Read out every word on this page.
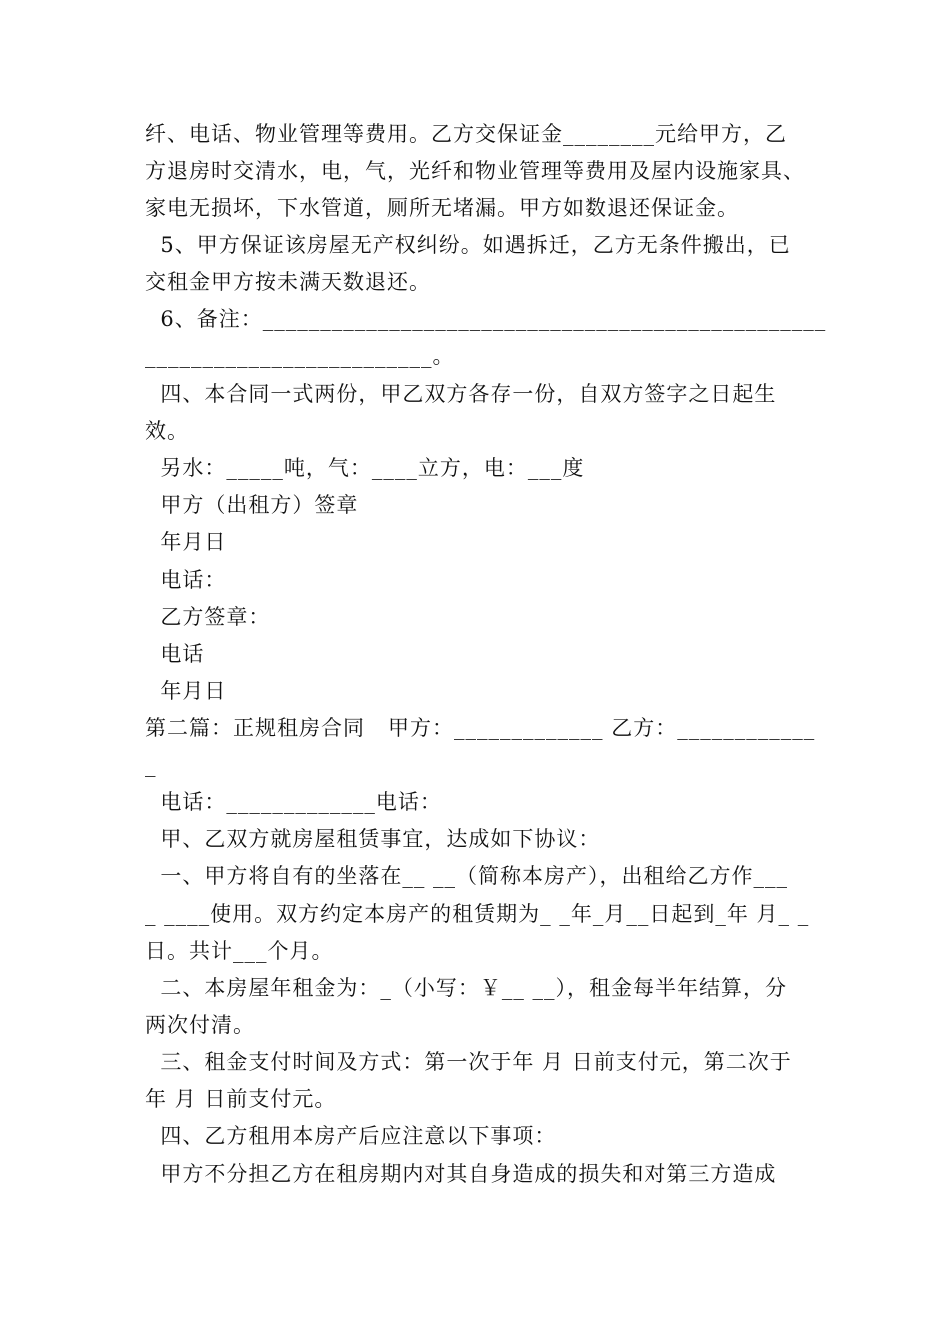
纤、电话、物业管理等费用。乙方交保证金________元给甲方，乙
方退房时交清水，电，气，光纤和物业管理等费用及屋内设施家具、
家电无损坏，下水管道，厕所无堵漏。甲方如数退还保证金。
5、甲方保证该房屋无产权纠纷。如遇拆迁，乙方无条件搬出，已
交租金甲方按未满天数退还。
6、备注：_________________________________________________
_________________________。
四、本合同一式两份，甲乙双方各存一份，自双方签字之日起生
效。
另水：_____吨，气：____立方，电：___度
甲方（出租方）签章
年月日
电话：
乙方签章：
电话
年月日
第二篇：正规租房合同   甲方：_____________ 乙方：____________
_
电话：_____________电话：
甲、乙双方就房屋租赁事宜，达成如下协议：
一、甲方将自有的坐落在__ __（简称本房产），出租给乙方作___
_ ____使用。双方约定本房产的租赁期为_ _年_月__日起到_年 月_ _
日。共计___个月。
二、本房屋年租金为：_（小写：￥__ __），租金每半年结算，分
两次付清。
三、租金支付时间及方式：第一次于年 月 日前支付元，第二次于
年 月 日前支付元。
四、乙方租用本房产后应注意以下事项：
甲方不分担乙方在租房期内对其自身造成的损失和对第三方造成
